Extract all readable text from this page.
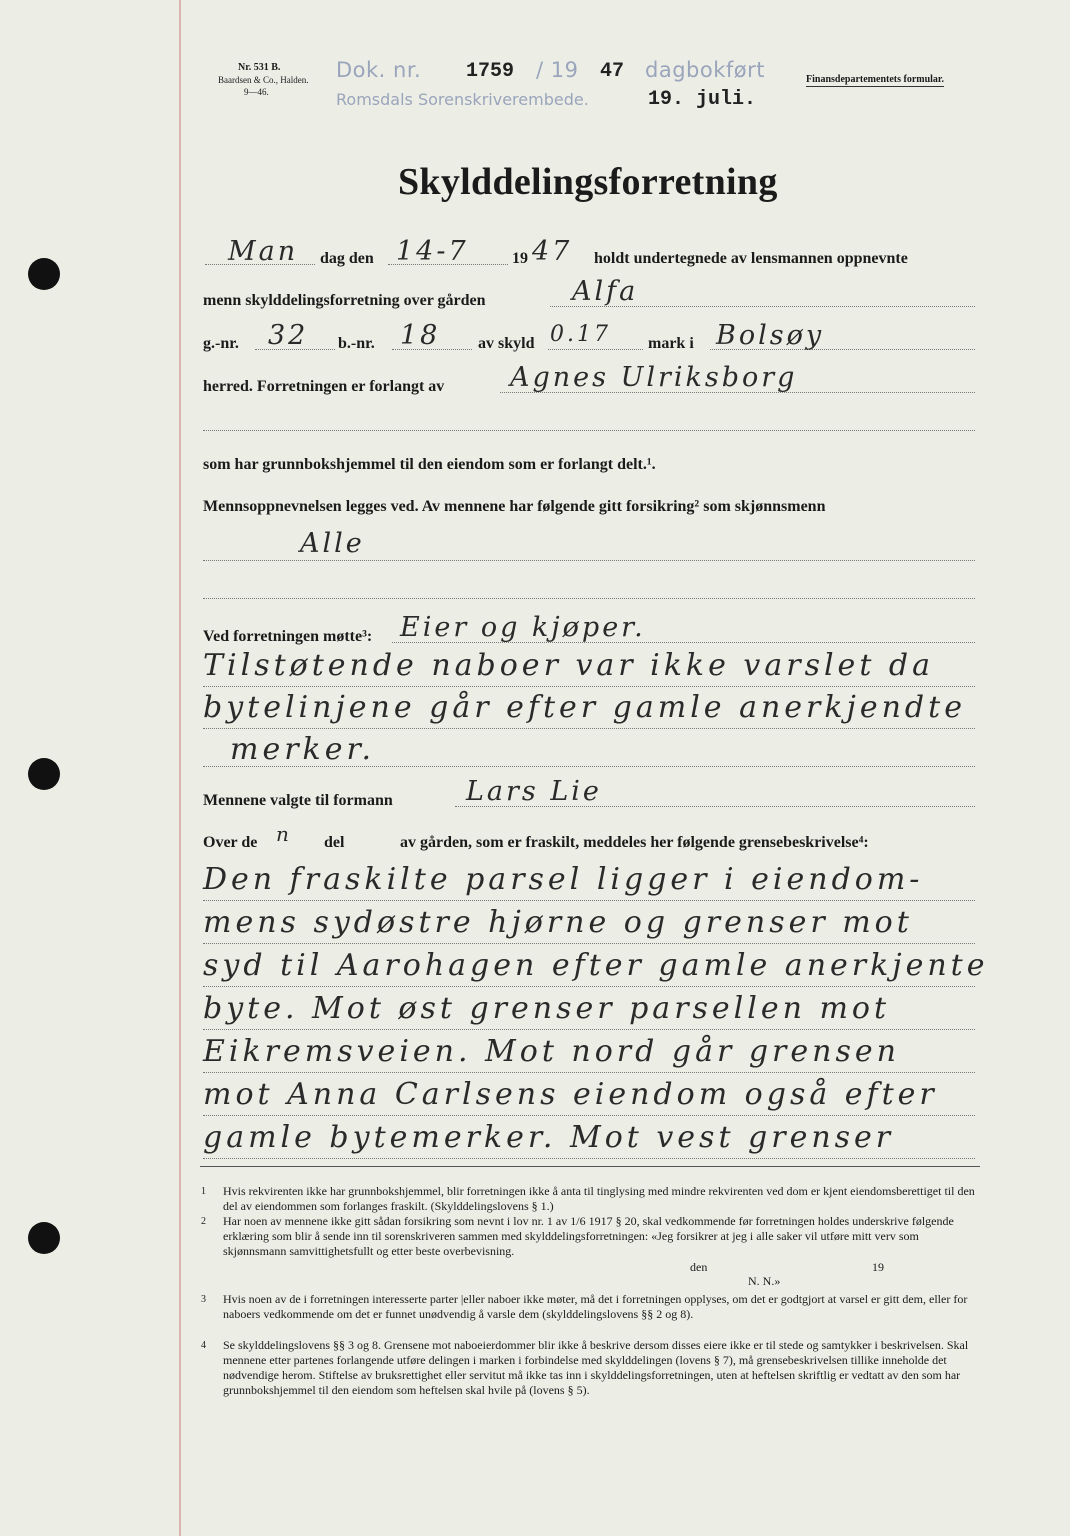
Nr. 531 B.
Baardsen & Co., Halden.
9—46.
Dok. nr. 1759 / 19 47 dagbokført
Romsdals Sorenskriverembede.	19. juli.
Finansdepartementets formular.
Skylddelingsforretning
Man dag den 14-7	19 47 holdt undertegnede av lensmannen oppnevnte
menn skylddelingsforretning over gården	Alfa
g.-nr. 32 b.-nr. 18 av skyld 0.17 mark i Bolsøy
herred. Forretningen er forlangt av Agnes Ulriksborg
som har grunnbokshjemmel til den eiendom som er forlangt delt.¹.
Mennsoppnevnelsen legges ved. Av mennene har følgende gitt forsikring² som skjønnsmenn
Alle
Ved forretningen møtte³: Eier og kjøper.
Tilstøtende naboer var ikke varslet da
bytelinjene går efter gamle anerkjendte
merker.
Mennene valgte til formann	Lars Lie
Over de n del	av gården, som er fraskilt, meddeles her følgende grensebeskrivelse⁴:
Den fraskilte parsel ligger i eiendom-
mens sydøstre hjørne og grenser mot
syd til Aarohagen efter gamle anerkjente
byte. Mot øst grenser parsellen mot
Eikremsveien. Mot nord går grensen
mot Anna Carlsens eiendom også efter
gamle bytemerker. Mot vest grenser
1 Hvis rekvirenten ikke har grunnbokshjemmel, blir forretningen ikke å anta til tinglysing med mindre rekvirenten ved dom er kjent eiendomsberettiget til den del av eiendommen som forlanges fraskilt. (Skylddelingslovens § 1.)

2 Har noen av mennene ikke gitt sådan forsikring som nevnt i lov nr. 1 av 1/6 1917 § 20, skal vedkommende før forretningen holdes underskrive følgende erklæring som blir å sende inn til sorenskriveren sammen med skylddelingsforretningen: «Jeg forsikrer at jeg i alle saker vil utføre mitt verv som skjønnsmann samvittighetsfullt og etter beste overbevisning.

den	19
N. N.»
3 Hvis noen av de i forretningen interesserte parter |eller naboer ikke møter, må det i forretningen opplyses, om det er godtgjort at varsel er gitt dem, eller for naboers vedkommende om det er funnet unødvendig å varsle dem (skylddelingslovens §§ 2 og 8).

4 Se skylddelingslovens §§ 3 og 8. Grensene mot naboeierdommer blir ikke å beskrive dersom disses eiere ikke er til stede og samtykker i beskrivelsen. Skal mennene etter partenes forlangende utføre delingen i marken i forbindelse med skylddelingen (lovens § 7), må grensebeskrivelsen tillike inneholde det nødvendige herom. Stiftelse av bruksrettighet eller servitut må ikke tas inn i skylddelingsforretningen, uten at heftelsen skriftlig er vedtatt av den som har grunnbokshjemmel til den eiendom som heftelsen skal hvile på (lovens § 5).
